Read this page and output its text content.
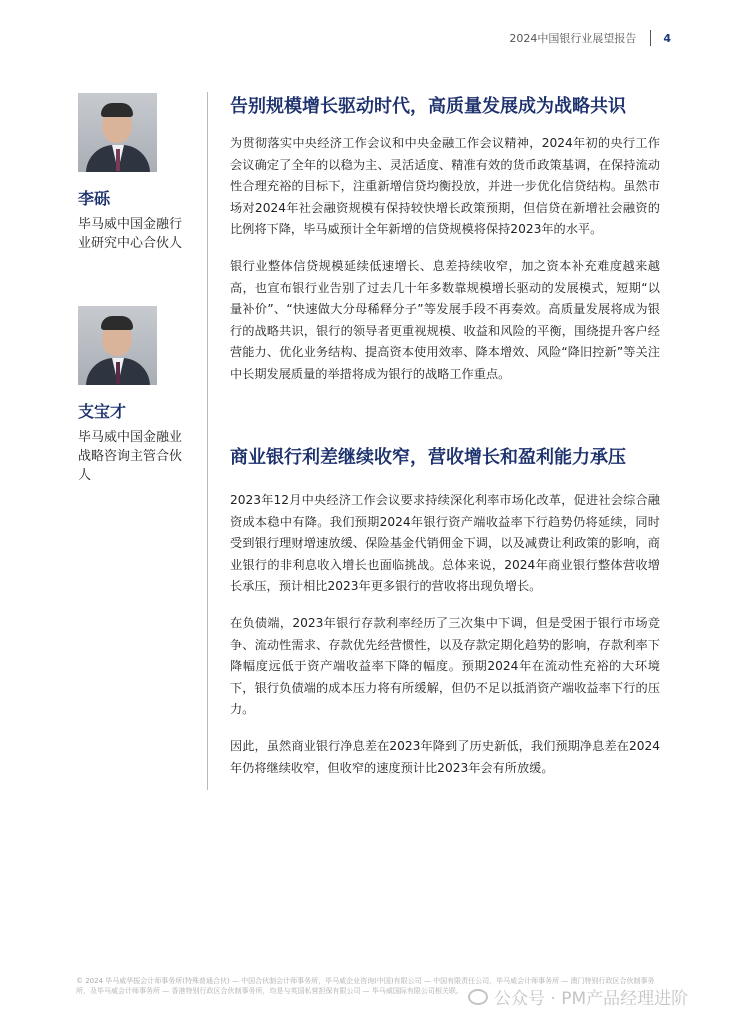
2024中国银行业展望报告 4
李砾
毕马威中国金融行业研究中心合伙人
支宝才
毕马威中国金融业战略咨询主管合伙人
告别规模增长驱动时代，高质量发展成为战略共识

为贯彻落实中央经济工作会议和中央金融工作会议精神，2024年初的央行工作会议确定了全年的以稳为主、灵活适度、精准有效的货币政策基调，在保持流动性合理充裕的目标下，注重新增信贷均衡投放，并进一步优化信贷结构。虽然市场对2024年社会融资规模有保持较快增长政策预期，但信贷在新增社会融资的比例将下降，毕马威预计全年新增的信贷规模将保持2023年的水平。

银行业整体信贷规模延续低速增长、息差持续收窄，加之资本补充难度越来越高，也宣布银行业告别了过去几十年多数靠规模增长驱动的发展模式，短期“以量补价”、“快速做大分母稀释分子”等发展手段不再奏效。高质量发展将成为银行的战略共识，银行的领导者更重视规模、收益和风险的平衡，围绕提升客户经营能力、优化业务结构、提高资本使用效率、降本增效、风险“降旧控新”等关注中长期发展质量的举措将成为银行的战略工作重点。

商业银行利差继续收窄，营收增长和盈利能力承压

2023年12月中央经济工作会议要求持续深化利率市场化改革，促进社会综合融资成本稳中有降。我们预期2024年银行资产端收益率下行趋势仍将延续，同时受到银行理财增速放缓、保险基金代销佣金下调，以及减费让利政策的影响，商业银行的非利息收入增长也面临挑战。总体来说，2024年商业银行整体营收增长承压，预计相比2023年更多银行的营收将出现负增长。

在负债端，2023年银行存款利率经历了三次集中下调，但是受困于银行市场竞争、流动性需求、存款优先经营惯性，以及存款定期化趋势的影响，存款利率下降幅度远低于资产端收益率下降的幅度。预期2024年在流动性充裕的大环境下，银行负债端的成本压力将有所缓解，但仍不足以抵消资产端收益率下行的压力。

因此，虽然商业银行净息差在2023年降到了历史新低，我们预期净息差在2024年仍将继续收窄，但收窄的速度预计比2023年会有所放缓。

© 2024 毕马威华振会计师事务所(特殊普通合伙) — 中国合伙制会计师事务所，毕马威企业咨询(中国)有限公司 — 中国有限责任公司，毕马威会计师事务所 — 澳门特别行政区合伙制事务所，及毕马威会计师事务所 — 香港特别行政区合伙制事务所，均是与英国私营担保有限公司 — 毕马威国际有限公司相关联。	公众号 · PM产品经理进阶
